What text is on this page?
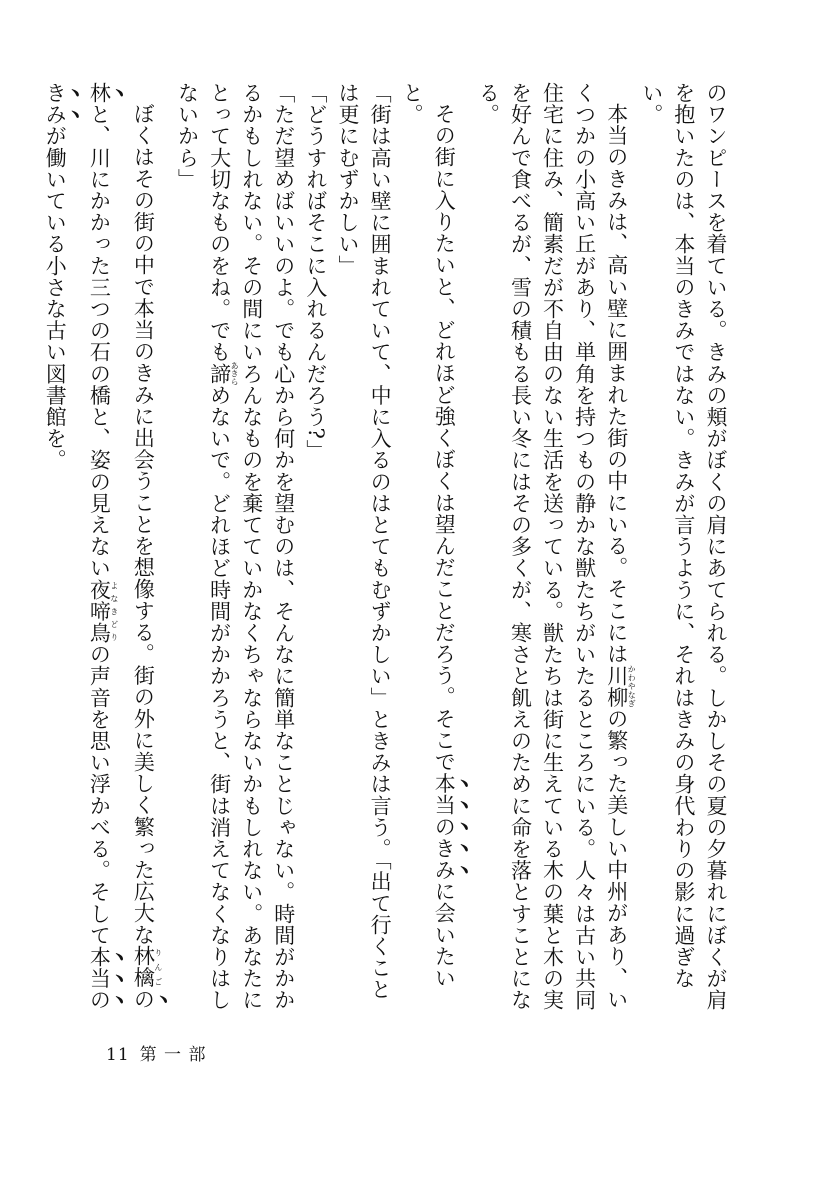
のワンピースを着ている。きみの頬がぼくの肩にあてられる。しかしその夏の夕暮れにぼくが肩を抱いたのは、本当のきみではない。きみが言うように、それはきみの身代わりの影に過ぎない。

本当のきみは、高い壁に囲まれた街の中にいる。そこには川柳かわやなぎの繁った美しい中州があり、いくつかの小高い丘があり、単角を持つもの静かな獣たちがいたるところにいる。人々は古い共同住宅に住み、簡素だが不自由のない生活を送っている。獣たちは街に生えている木の葉と木の実を好んで食べるが、雪の積もる長い冬にはその多くが、寒さと飢えのために命を落とすことになる。

その街に入りたいと、どれほど強くぼくは望んだことだろう。そこで本当のきみに会いたいと。

「街は高い壁に囲まれていて、中に入るのはとてもむずかしい」ときみは言う。「出て行くことは更にむずかしい」

「どうすればそこに入れるんだろう?」

「ただ望めばいいのよ。でも心から何かを望むのは、そんなに簡単なことじゃない。時間がかかるかもしれない。その間にいろんなものを棄てていかなくちゃならないかもしれない。あなたにとって大切なものをね。でも諦あきらめないで。どれほど時間がかかろうと、街は消えてなくなりはしないから」

ぼくはその街の中で本当のきみに出会うことを想像する。街の外に美しく繁った広大な林檎りんごの林と、川にかかった三つの石の橋と、姿の見えない夜啼鳥よなきどりの声音を思い浮かべる。そして本当のきみが働いている小さな古い図書館を。

11 第 一 部
